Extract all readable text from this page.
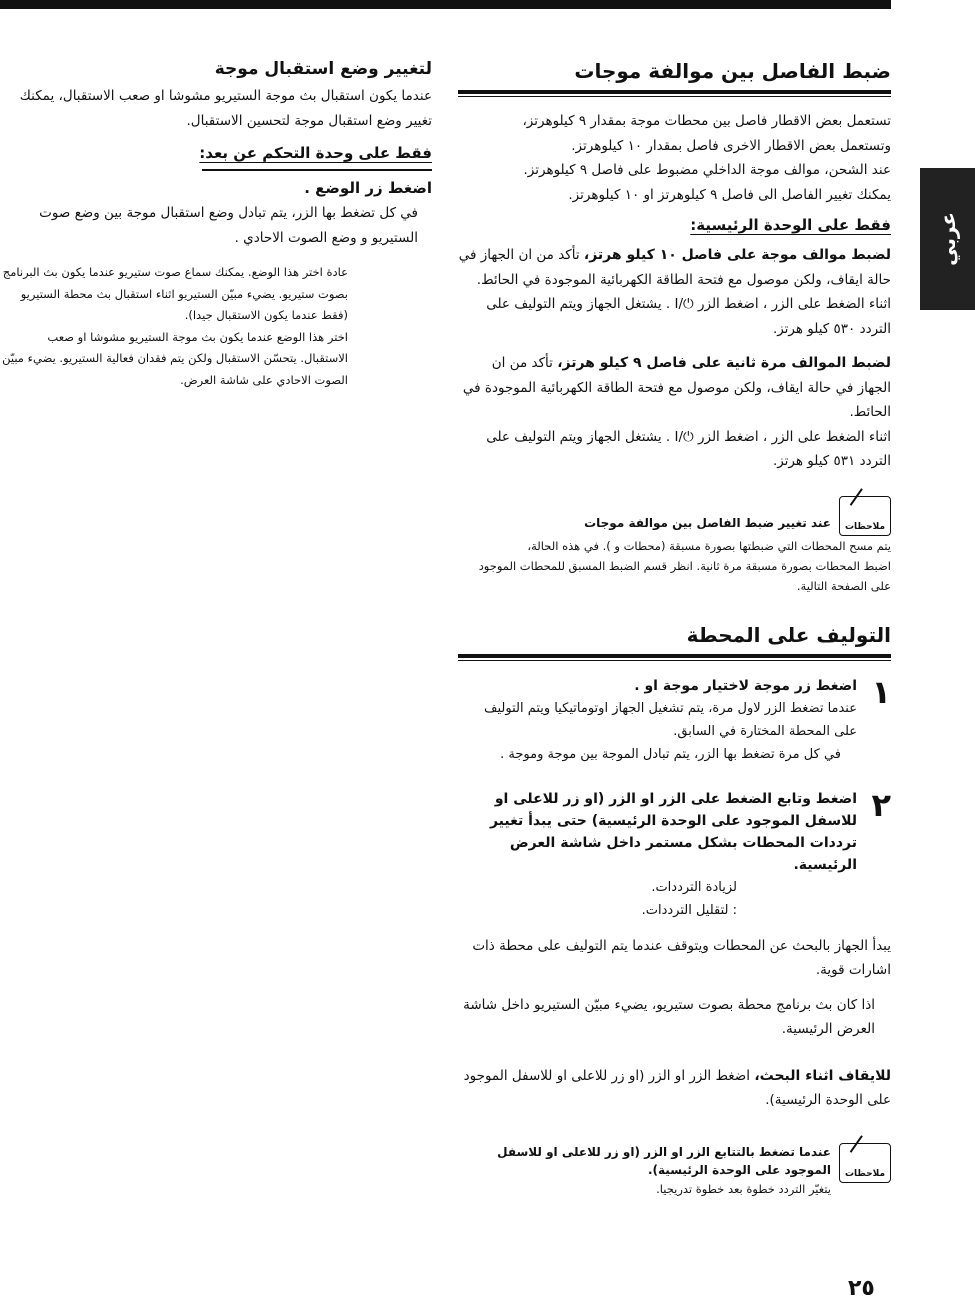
عربي
ضبط الفاصل بين موالفة موجات

تستعمل بعض الاقطار فاصل بين محطات موجة بمقدار ٩ كيلوهرتز،

وتستعمل بعض الاقطار الاخرى فاصل بمقدار ١٠ كيلوهرتز.

عند الشحن، موالف موجة الداخلي مضبوط على فاصل ٩ كيلوهرتز.

يمكنك تغيير الفاصل الى فاصل ٩ كيلوهرتز او ١٠ كيلوهرتز.

فقط على الوحدة الرئيسية:

لضبط موالف موجة على فاصل ١٠ كيلو هرتز، تأكد من ان الجهاز في حالة ايقاف، ولكن موصول مع فتحة الطاقة الكهربائية الموجودة في الحائط.

اثناء الضغط على الزر ، اضغط الزر ⏻/I . يشتغل الجهاز ويتم التوليف على التردد ٥٣٠ كيلو هرتز.

لضبط الموالف مرة ثانية على فاصل ٩ كيلو هرتز، تأكد من ان الجهاز في حالة ايقاف، ولكن موصول مع فتحة الطاقة الكهربائية الموجودة في الحائط.

اثناء الضغط على الزر ، اضغط الزر ⏻/I . يشتغل الجهاز ويتم التوليف على التردد ٥٣١ كيلو هرتز.

ملاحظات
عند تغيير ضبط الفاصل بين موالفة موجات

يتم مسح المحطات التي ضبطتها بصورة مسبقة (محطات و ). في هذه الحالة،

اضبط المحطات بصورة مسبقة مرة ثانية. انظر قسم الضبط المسبق للمحطات الموجود

على الصفحة التالية.

التوليف على المحطة
١
اضغط زر موجة لاختيار موجة او .

عندما تضغط الزر لاول مرة، يتم تشغيل الجهاز اوتوماتيكيا ويتم التوليف على المحطة المختارة في السابق.

في كل مرة تضغط بها الزر، يتم تبادل الموجة بين موجة وموجة .

٢
اضغط وتابع الضغط على الزر او الزر (او زر للاعلى او للاسفل الموجود على الوحدة الرئيسية) حتى يبدأ تغيير ترددات المحطات بشكل مستمر داخل شاشة العرض الرئيسية.

لزيادة الترددات.

: لتقليل الترددات.

يبدأ الجهاز بالبحث عن المحطات ويتوقف عندما يتم التوليف على محطة ذات اشارات قوية.

اذا كان بث برنامج محطة بصوت ستيريو، يضيء مبيّن الستيريو داخل شاشة العرض الرئيسية.

للايقاف اثناء البحث، اضغط الزر او الزر (او زر للاعلى او للاسفل الموجود على الوحدة الرئيسية).

ملاحظات
عندما تضغط بالتتابع الزر او الزر (او زر للاعلى او للاسفل الموجود على الوحدة الرئيسية).

يتغيّر التردد خطوة بعد خطوة تدريجيا.

لتغيير وضع استقبال موجة

عندما يكون استقبال بث موجة الستيريو مشوشا او صعب الاستقبال، يمكنك تغيير وضع استقبال موجة لتحسين الاستقبال.

فقط على وحدة التحكم عن بعد:
اضغط زر الوضع .

في كل تضغط بها الزر، يتم تبادل وضع استقبال موجة بين وضع صوت الستيريو و وضع الصوت الاحادي .

عادة اختر هذا الوضع. يمكنك سماع صوت ستيريو عندما يكون بث البرنامج بصوت ستيريو. يضيء مبيّن الستيريو اثناء استقبال بث محطة الستيريو (فقط عندما يكون الاستقبال جيدا).

اختر هذا الوضع عندما يكون بث موجة الستيريو مشوشا او صعب الاستقبال. يتحسّن الاستقبال ولكن يتم فقدان فعالية الستيريو. يضيء مبيّن الصوت الاحادي على شاشة العرض.

٢٥
